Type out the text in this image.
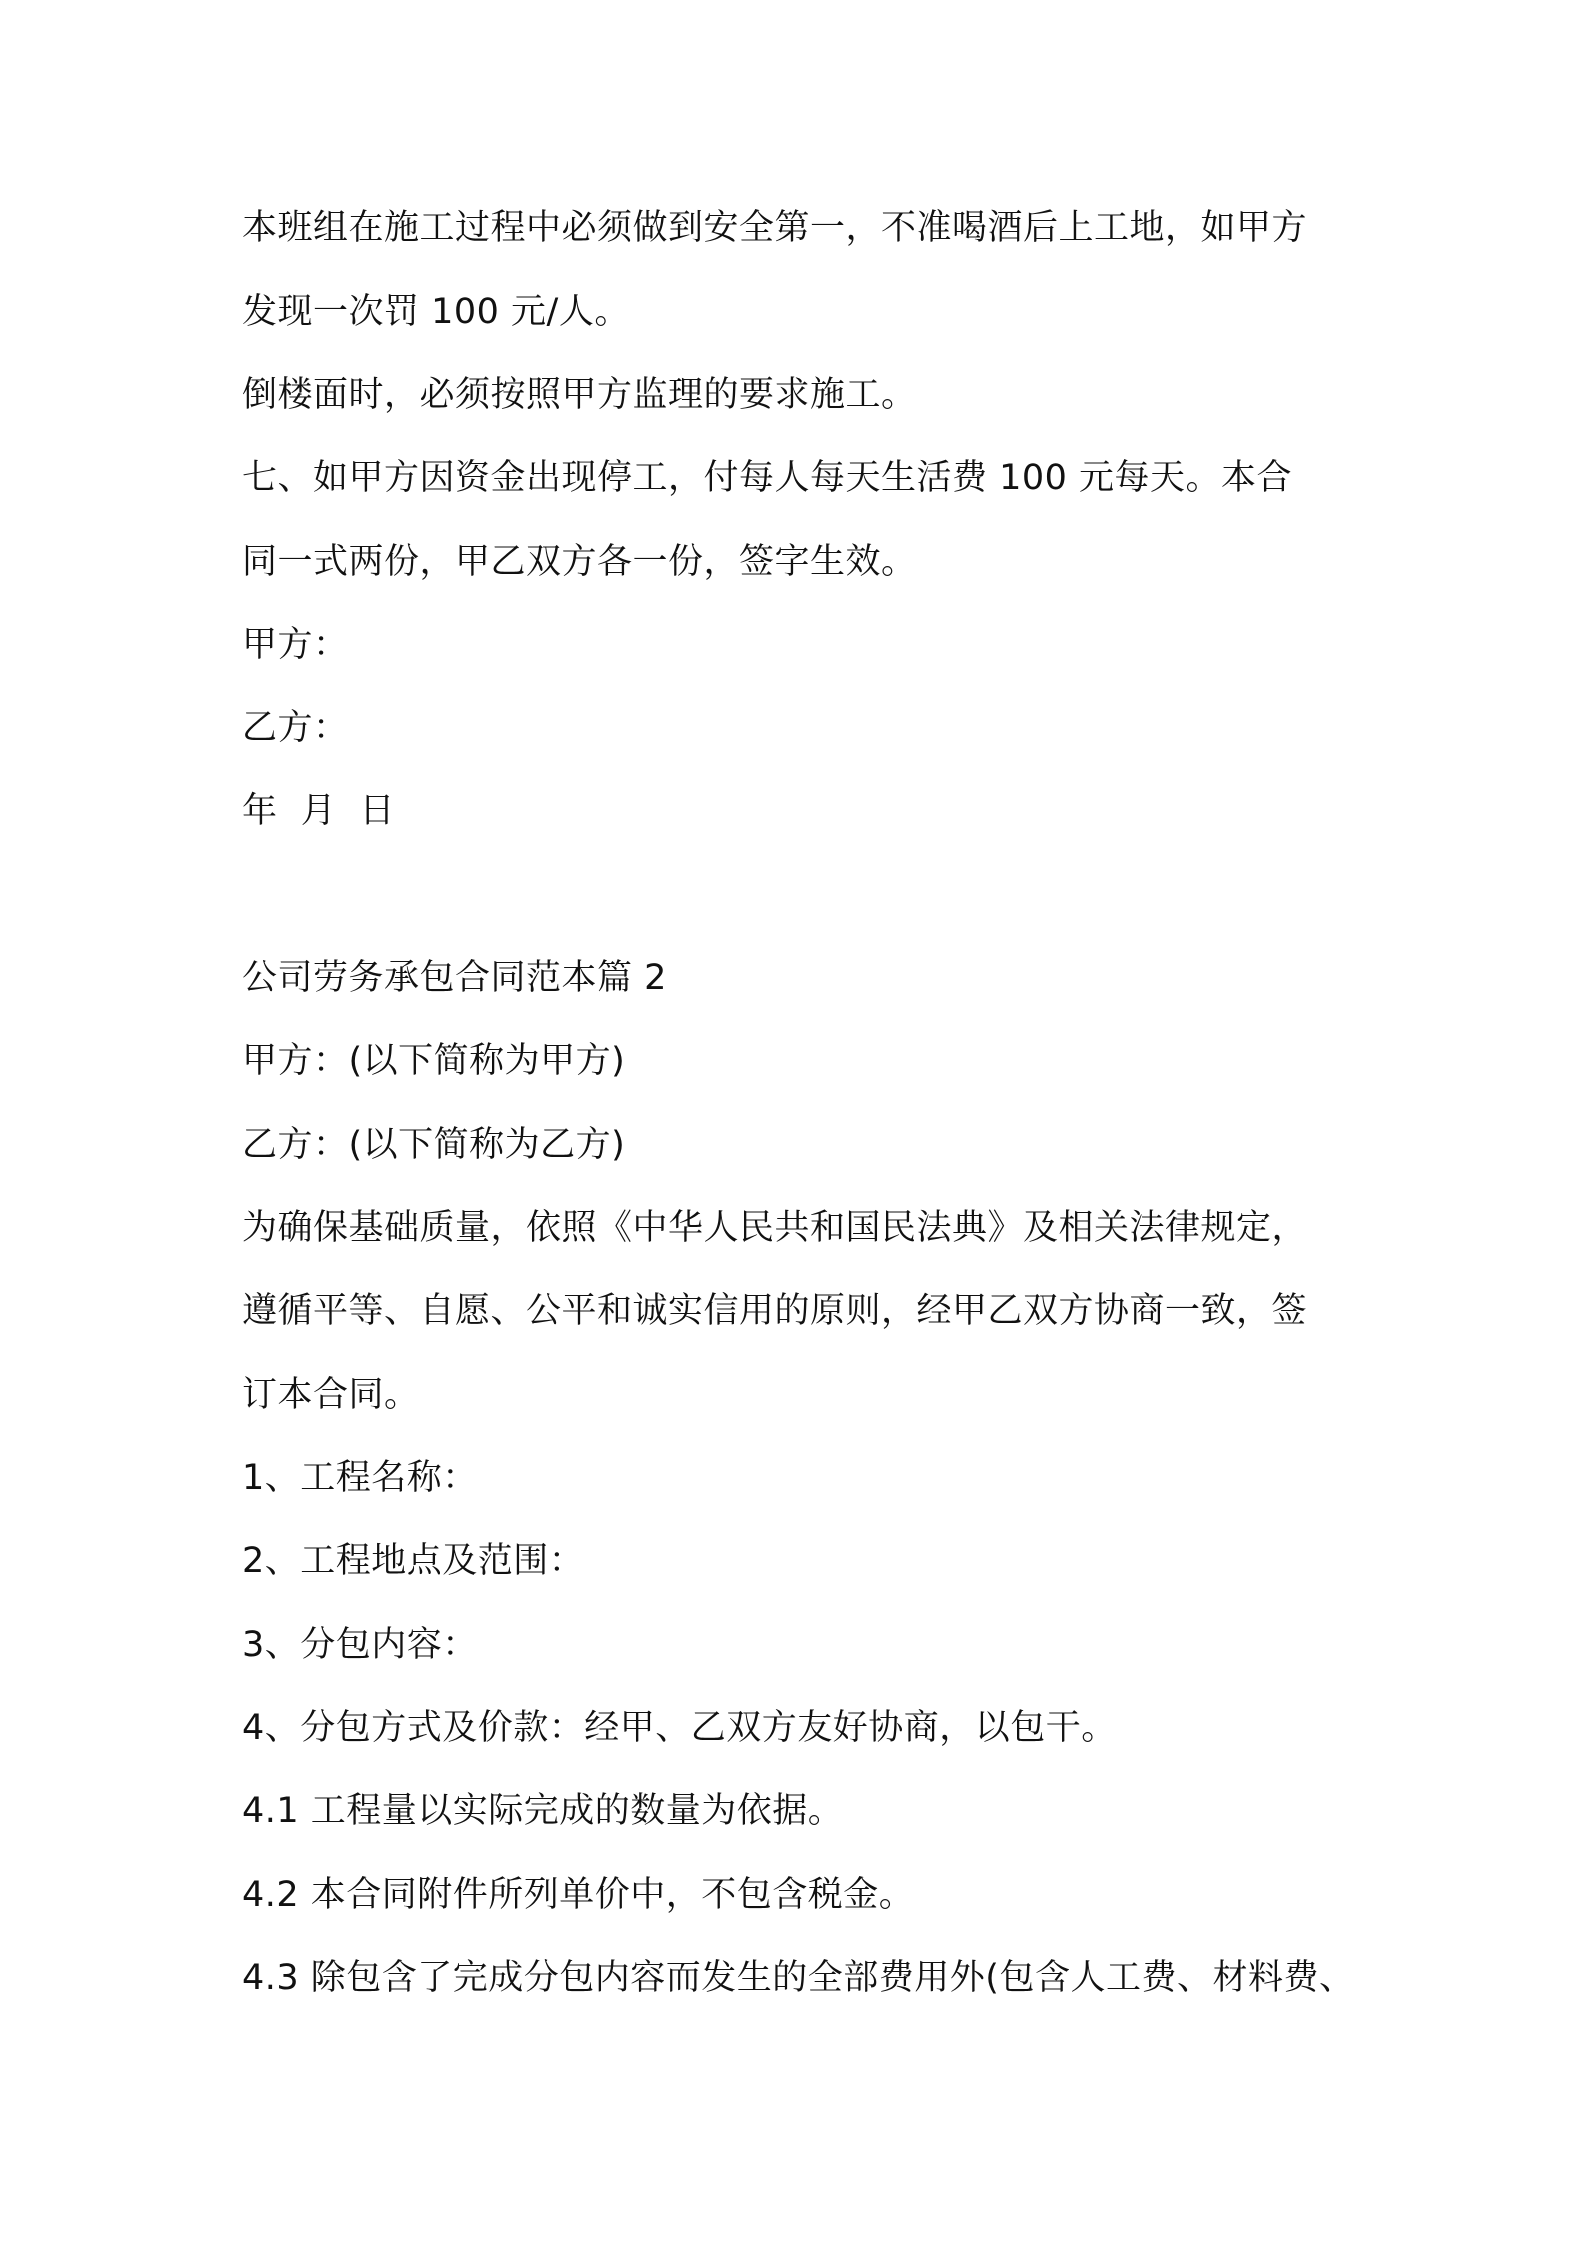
本班组在施工过程中必须做到安全第一，不准喝酒后上工地，如甲方
发现一次罚 100 元/人。
倒楼面时，必须按照甲方监理的要求施工。
七、如甲方因资金出现停工，付每人每天生活费 100 元每天。本合
同一式两份，甲乙双方各一份，签字生效。
甲方：
乙方：
年  月  日
公司劳务承包合同范本篇 2
甲方：(以下简称为甲方)
乙方：(以下简称为乙方)
为确保基础质量，依照《中华人民共和国民法典》及相关法律规定，
遵循平等、自愿、公平和诚实信用的原则，经甲乙双方协商一致，签
订本合同。
1、工程名称：
2、工程地点及范围：
3、分包内容：
4、分包方式及价款：经甲、乙双方友好协商，以包干。
4.1 工程量以实际完成的数量为依据。
4.2 本合同附件所列单价中，不包含税金。
4.3 除包含了完成分包内容而发生的全部费用外(包含人工费、材料费、
